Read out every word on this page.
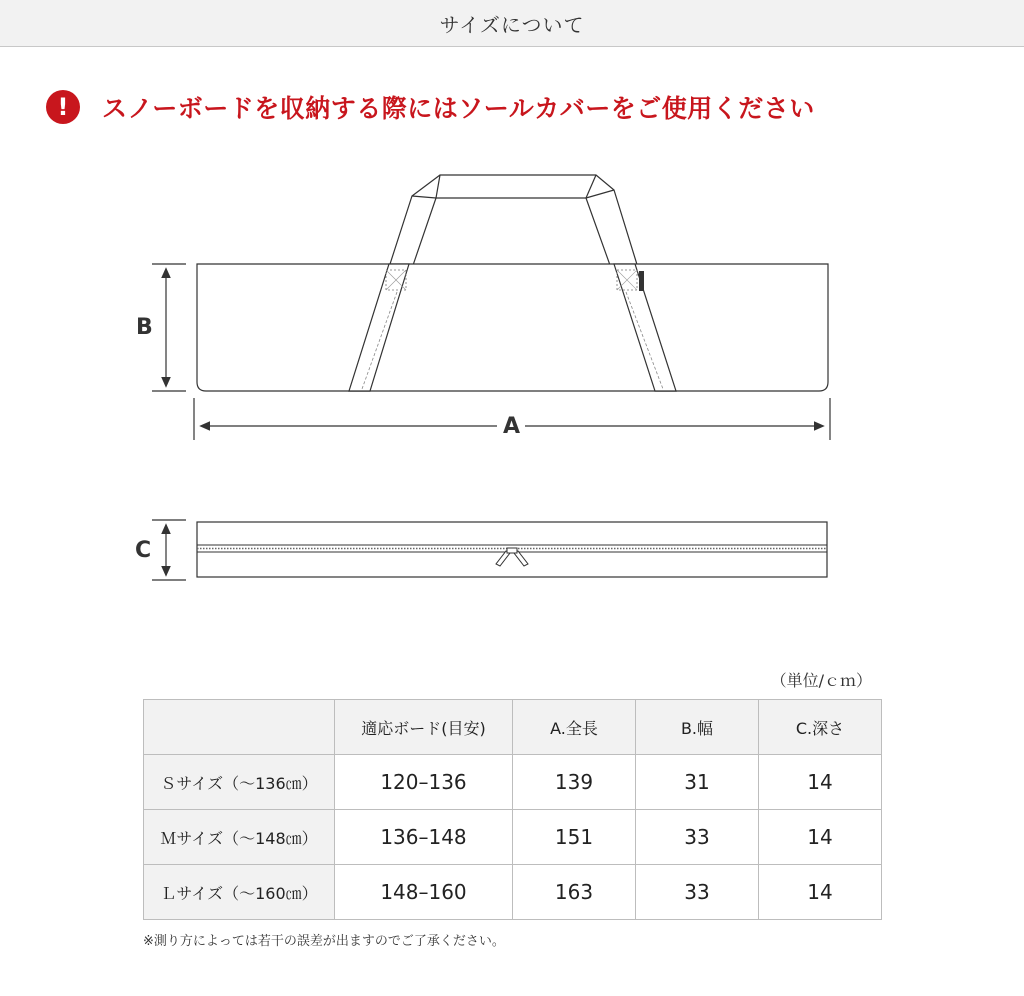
サイズについて
!	スノーボードを収納する際にはソールカバーをご使用ください
B
A
C
（単位/ｃｍ）
	適応ボード(目安)	A.全長	B.幅	C.深さ
Ｓサイズ（～136㎝）	120–136	139	31	14
Ｍサイズ（～148㎝）	136–148	151	33	14
Ｌサイズ（～160㎝）	148–160	163	33	14
※測り方によっては若干の誤差が出ますのでご了承ください。
